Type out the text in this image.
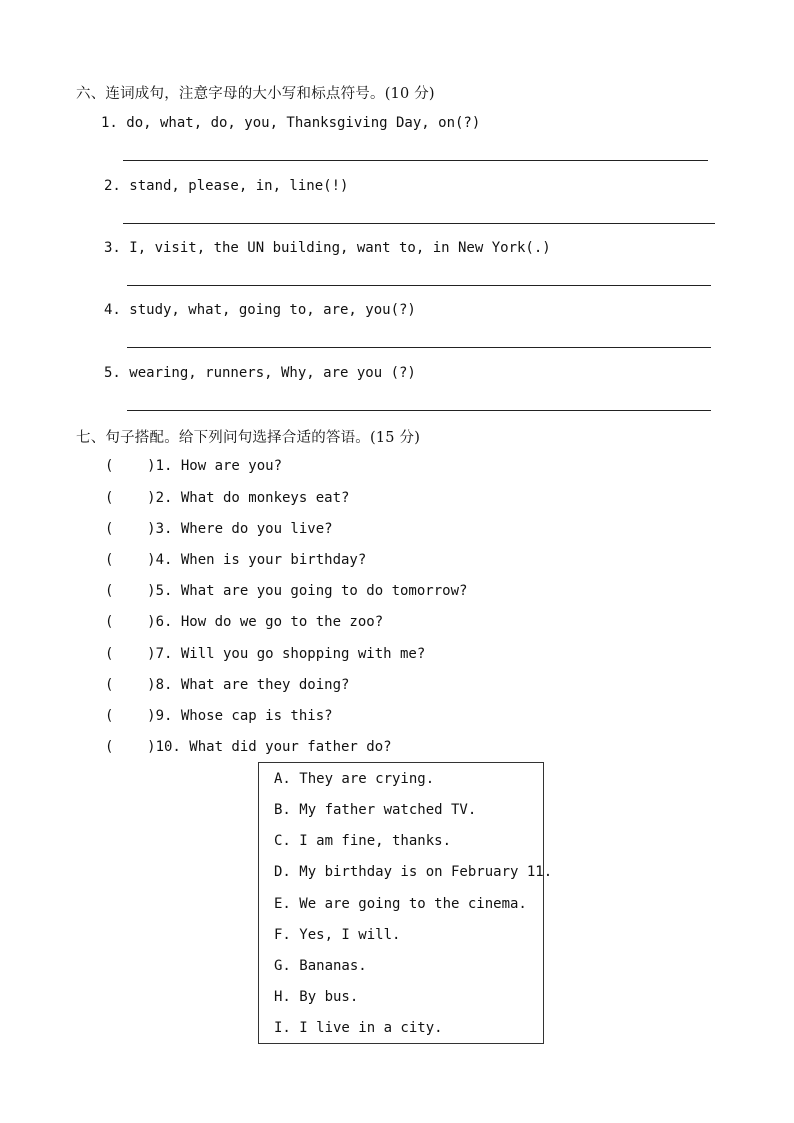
六、连词成句，注意字母的大小写和标点符号。(10 分)
1. do, what, do, you, Thanksgiving Day, on(?)
2. stand, please, in, line(!)
3. I, visit, the UN building, want to, in New York(.)
4. study, what, going to, are, you(?)
5. wearing, runners, Why, are you (?)
七、句子搭配。给下列问句选择合适的答语。(15 分)
(    )1. How are you?
(    )2. What do monkeys eat?
(    )3. Where do you live?
(    )4. When is your birthday?
(    )5. What are you going to do tomorrow?
(    )6. How do we go to the zoo?
(    )7. Will you go shopping with me?
(    )8. What are they doing?
(    )9. Whose cap is this?
(    )10. What did your father do?
A. They are crying.
B. My father watched TV.
C. I am fine, thanks.
D. My birthday is on February 11.
E. We are going to the cinema.
F. Yes, I will.
G. Bananas.
H. By bus.
I. I live in a city.
